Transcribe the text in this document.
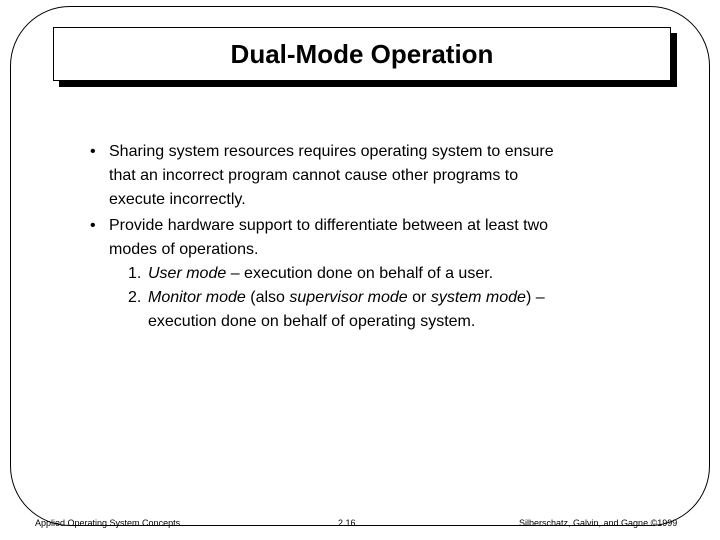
Dual-Mode Operation
• Sharing system resources requires operating system to ensure
that an incorrect program cannot cause other programs to
execute incorrectly.
• Provide hardware support to differentiate between at least two
modes of operations.
1. User mode – execution done on behalf of a user.
2. Monitor mode (also supervisor mode or system mode) –
execution done on behalf of operating system.
Applied Operating System Concepts	2.16	Silberschatz, Galvin, and Gagne ©1999
